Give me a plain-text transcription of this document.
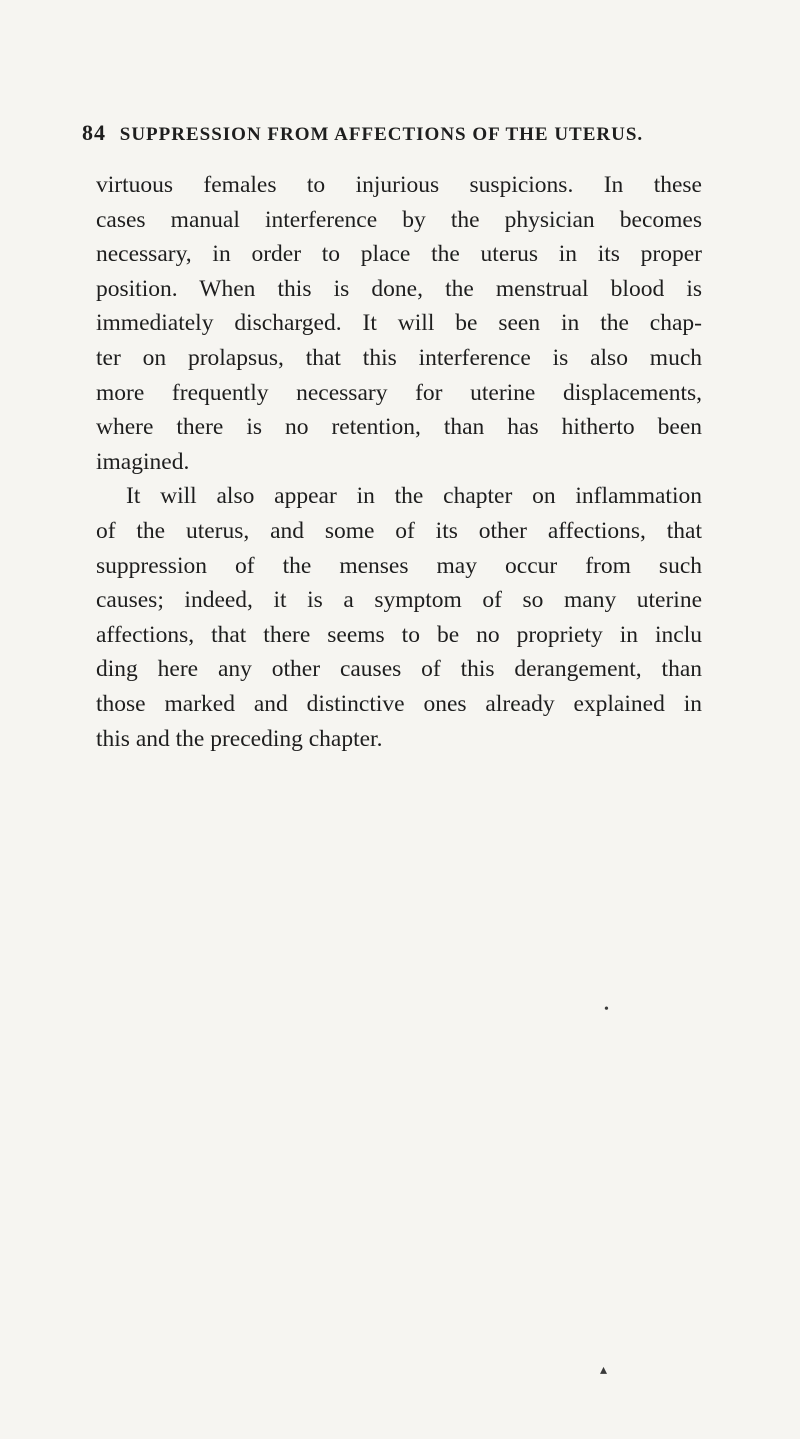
84 SUPPRESSION FROM AFFECTIONS OF THE UTERUS.
virtuous females to injurious suspicions. In these
cases manual interference by the physician becomes
necessary, in order to place the uterus in its proper
position. When this is done, the menstrual blood is
immediately discharged. It will be seen in the chap-
ter on prolapsus, that this interference is also much
more frequently necessary for uterine displacements,
where there is no retention, than has hitherto been
imagined.
It will also appear in the chapter on inflammation
of the uterus, and some of its other affections, that
suppression of the menses may occur from such
causes; indeed, it is a symptom of so many uterine
affections, that there seems to be no propriety in inclu
ding here any other causes of this derangement, than
those marked and distinctive ones already explained in
this and the preceding chapter.
•
▴
